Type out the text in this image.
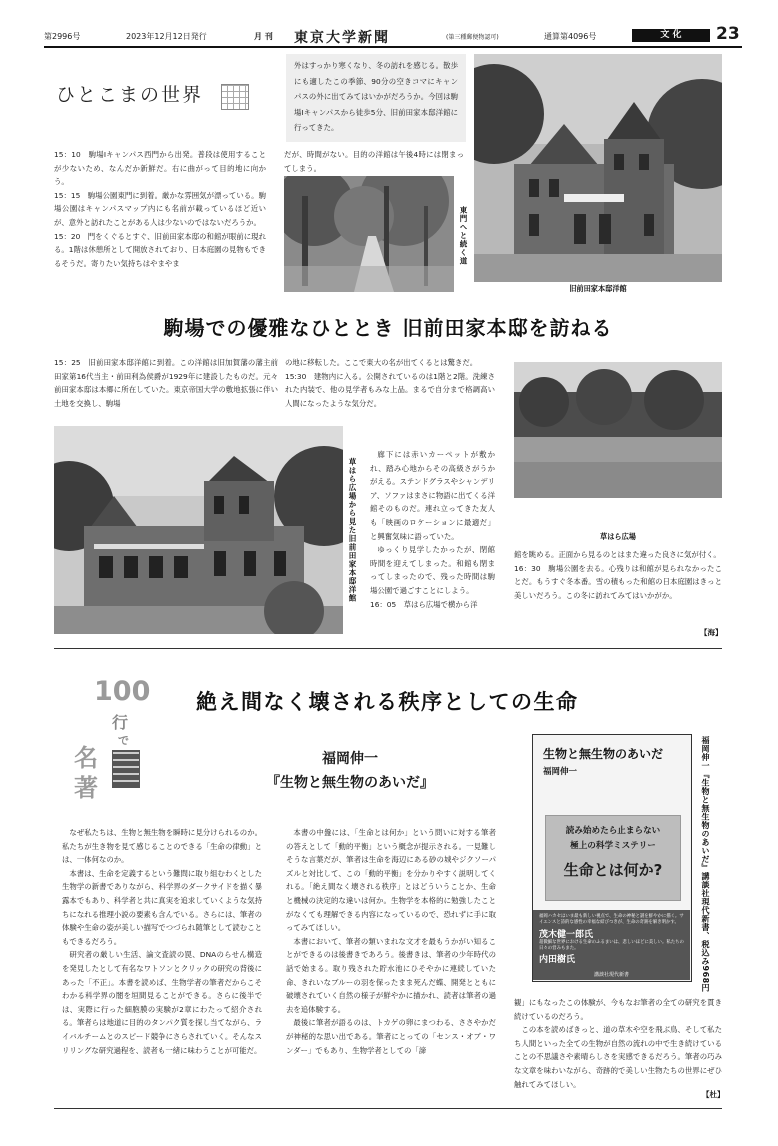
第2996号	2023年12月12日発行	月 刊 東京大学新聞	(第三種郵便物認可)	通算第4096号	文 化	23
ひとこまの世界
外はすっかり寒くなり、冬の訪れを感じる。散歩にも適したこの季節、90分の空きコマにキャンパスの外に出てみてはいかがだろうか。今回は駒場Ⅰキャンパスから徒歩5分、旧前田家本邸洋館に行ってきた。

15：10　駒場Ⅰキャンパス西門から出発。普段は使用することが少ないため、なんだか新鮮だ。右に曲がって目的地に向かう。

15：15　駒場公園東門に到着。厳かな雰囲気が漂っている。駒場公園はキャンパスマップ内にも名前が載っているほど近いが、意外と訪れたことがある人は少ないのではないだろうか。

15：20　門をくぐるとすぐ、旧前田家本邸の和館が眼前に現れる。1階は休憩所として開放されており、日本庭園の見物もできるそうだ。寄りたい気持ちはやまやま

だが、時間がない。目的の洋館は午後4時には閉まってしまう。

東門へと続く道
旧前田家本邸洋館
駒場での優雅なひととき 旧前田家本邸を訪ねる

15：25　旧前田家本邸洋館に到着。この洋館は旧加賀藩の藩主前田家第16代当主・前田利為侯爵が1929年に建設したものだ。元々前田家本邸は本郷に所在していた。東京帝国大学の敷地拡張に伴い土地を交換し、駒場

の地に移転した。ここで東大の名が出てくるとは驚きだ。

15:30　建物内に入る。公開されているのは1階と2階。洗練された内装で、他の見学者もみな上品。まるで自分まで格調高い人間になったような気分だ。

草はら広場から見た旧前田家本邸洋館

廊下には赤いカーペットが敷かれ、踏み心地からその高級さがうかがえる。ステンドグラスやシャンデリア、ソファはまさに物語に出てくる洋館そのものだ。連れ立ってきた友人も「映画のロケーションに最適だ」と興奮気味に語っていた。

ゆっくり見学したかったが、閉館時間を迎えてしまった。和館も閉まってしまったので、残った時間は駒場公園で過ごすことにしよう。

16：05　草はら広場で横から洋

草はら広場

館を眺める。正面から見るのとはまた違った良さに気が付く。

16：30　駒場公園を去る。心残りは和館が見られなかったことだ。もうすぐ冬本番。雪の積もった和館の日本庭園はきっと美しいだろう。この冬に訪れてみてはいかがか。

【海】
100
行
で
名
著
絶え間なく壊される秩序としての生命
福岡伸一
『生物と無生物のあいだ』
生物と無生物のあいだ
福岡伸一
読み始めたら止まらない
極上の科学ミステリー
生命とは何か?
福岡ハカセはいま最も新しい視点で、生命の神秘と謎を鮮やかに描く。サイエンスと詩的な感性の幸福な結びつきが、生命の奇跡を解き明かす。
茂木健一郎氏
超微細な世界における生命のふるまいは、悲しいほどに美しい。私たちの日々の営みもまた。
内田樹氏
講談社現代新書	福岡伸一『生物と無生物のあいだ』講談社現代新書、税込み968円

なぜ私たちは、生物と無生物を瞬時に見分けられるのか。私たちが生き物を見て感じることのできる「生命の律動」とは、一体何なのか。

本書は、生命を定義するという難問に取り組むわくとした生物学の新書でありながら、科学界のダークサイドを描く暴露本でもあり、科学者と共に真実を追求していくような気持ちになれる推理小説の要素も含んでいる。さらには、筆者の体験や生命の姿が美しい描写でつづられ随筆として読むこともできるだろう。

研究者の厳しい生活、論文査読の罠、DNAのらせん構造を発見したとして有名なワトソンとクリックの研究の背後にあった「不正」。本書を読めば、生物学者の筆者だからこそわかる科学界の闇を垣間見ることができる。さらに後半では、実際に行った細胞膜の実験が2章にわたって紹介される。筆者らは地道に目的のタンパク質を探し当てながら、ライバルチームとのスピード競争にさらされていく。そんなスリリングな研究過程を、読者も一緒に味わうことが可能だ。

本書の中盤には、「生命とは何か」という問いに対する筆者の答えとして「動的平衡」という概念が提示される。一見難しそうな言葉だが、筆者は生命を海辺にある砂の城やジクソーパズルと対比して、この「動的平衡」を分かりやすく説明してくれる。「絶え間なく壊される秩序」とはどういうことか、生命と機械の決定的な違いは何か。生物学を本格的に勉強したことがなくても理解できる内容になっているので、恐れずに手に取ってみてほしい。

本書において、筆者の類いまれな文才を最もうかがい知ることができるのは後書きであろう。後書きは、筆者の少年時代の話で始まる。取り残された貯水池にひそやかに連続していた命、きれいなブルーの羽を保ったまま死んだ蝶、開発とともに破壊されていく自然の様子が鮮やかに描かれ、読者は筆者の過去を追体験する。

最後に筆者が語るのは、トカゲの卵にまつわる、ささやかだが神秘的な思い出である。筆者にとっての「センス・オブ・ワンダー」でもあり、生物学者としての「諦

観」にもなったこの体験が、今もなお筆者の全ての研究を貫き続けているのだろう。

この本を読めばきっと、道の草木や空を飛ぶ鳥、そして私たち人間といった全ての生物が自然の流れの中で生き続けていることの不思議さや素晴らしさを実感できるだろう。筆者の巧みな文章を味わいながら、奇跡的で美しい生物たちの世界にぜひ触れてみてほしい。

【杜】
